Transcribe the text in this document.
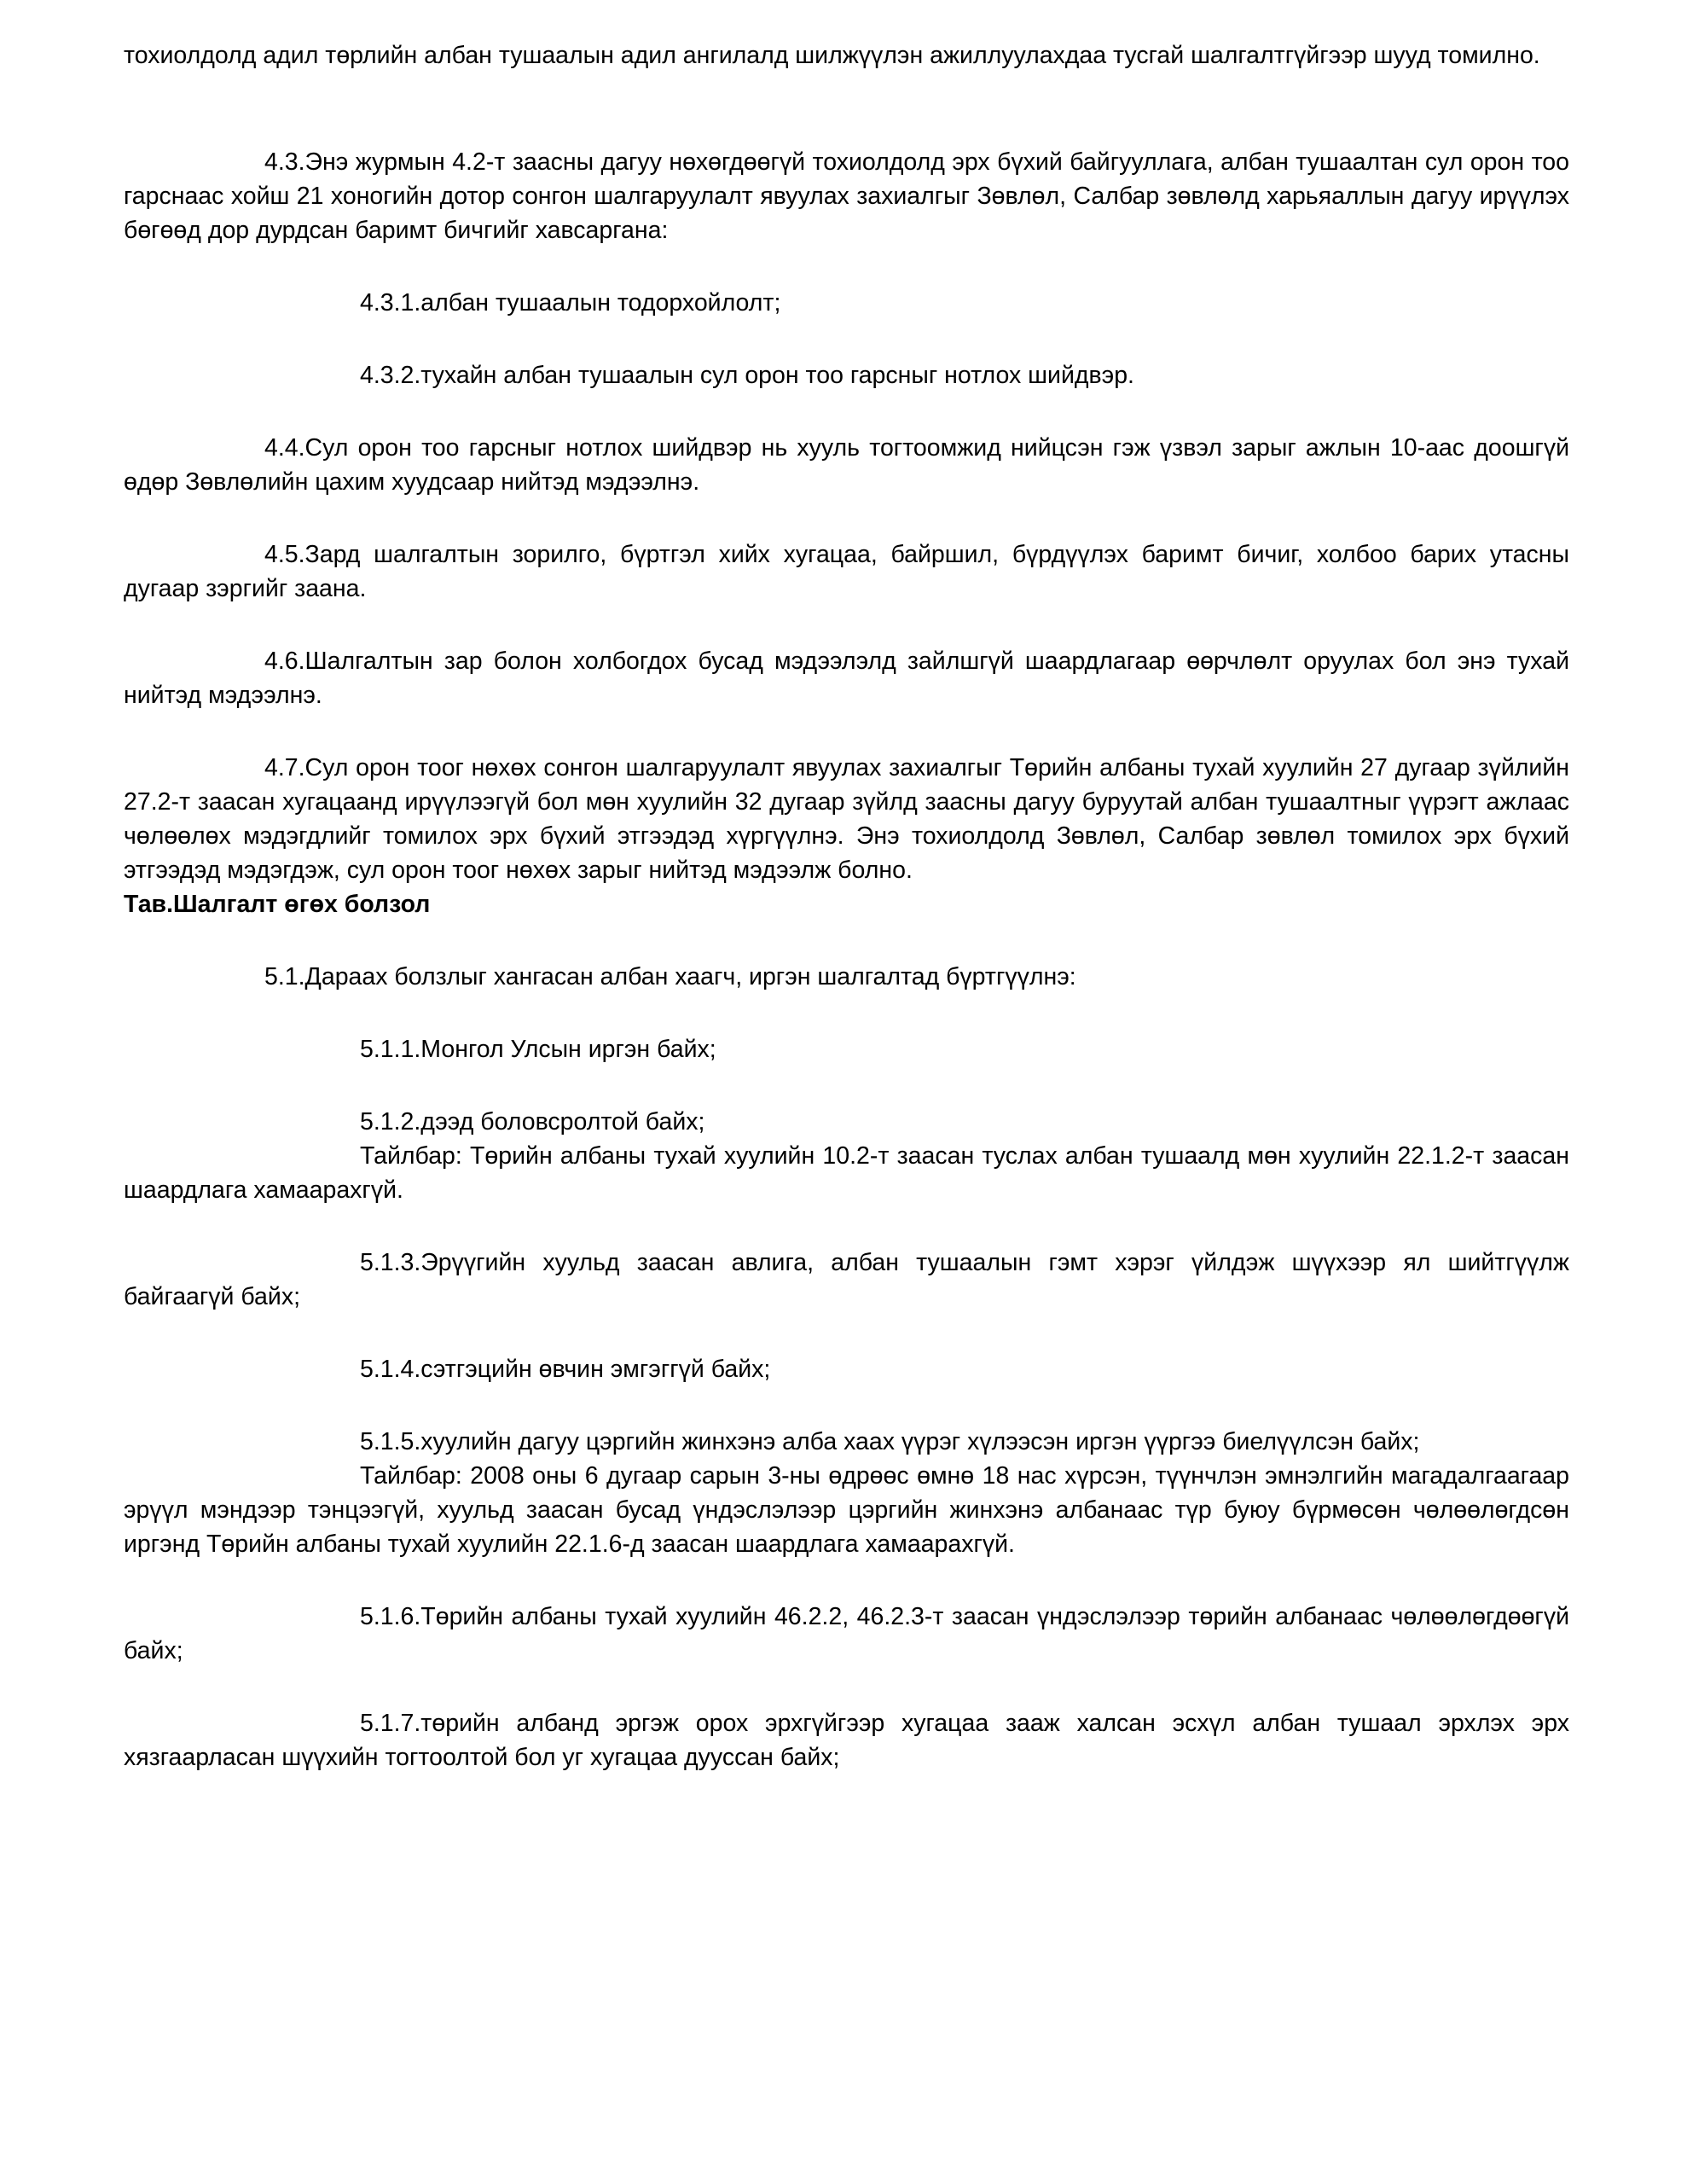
тохиолдолд адил төрлийн албан тушаалын адил ангилалд шилжүүлэн ажиллуулахдаа тусгай шалгалтгүйгээр шууд томилно.

4.3.Энэ журмын 4.2-т заасны дагуу нөхөгдөөгүй тохиолдолд эрх бүхий байгууллага, албан тушаалтан сул орон тоо гарснаас хойш 21 хоногийн дотор сонгон шалгаруулалт явуулах захиалгыг Зөвлөл, Салбар зөвлөлд харьяаллын дагуу ирүүлэх бөгөөд дор дурдсан баримт бичгийг хавсаргана:

4.3.1.албан тушаалын тодорхойлолт;

4.3.2.тухайн албан тушаалын сул орон тоо гарсныг нотлох шийдвэр.

4.4.Сул орон тоо гарсныг нотлох шийдвэр нь хууль тогтоомжид нийцсэн гэж үзвэл зарыг ажлын 10-аас доошгүй өдөр Зөвлөлийн цахим хуудсаар нийтэд мэдээлнэ.

4.5.Зард шалгалтын зорилго, бүртгэл хийх хугацаа, байршил, бүрдүүлэх баримт бичиг, холбоо барих утасны дугаар зэргийг заана.

4.6.Шалгалтын зар болон холбогдох бусад мэдээлэлд зайлшгүй шаардлагаар өөрчлөлт оруулах бол энэ тухай нийтэд мэдээлнэ.

4.7.Сул орон тоог нөхөх сонгон шалгаруулалт явуулах захиалгыг Төрийн албаны тухай хуулийн 27 дугаар зүйлийн 27.2-т заасан хугацаанд ирүүлээгүй бол мөн хуулийн 32 дугаар зүйлд заасны дагуу буруутай албан тушаалтныг үүрэгт ажлаас чөлөөлөх мэдэгдлийг томилох эрх бүхий этгээдэд хүргүүлнэ. Энэ тохиолдолд Зөвлөл, Салбар зөвлөл томилох эрх бүхий этгээдэд мэдэгдэж, сул орон тоог нөхөх зарыг нийтэд мэдээлж болно.

Тав.Шалгалт өгөх болзол

5.1.Дараах болзлыг хангасан албан хаагч, иргэн шалгалтад бүртгүүлнэ:

5.1.1.Монгол Улсын иргэн байх;

5.1.2.дээд боловсролтой байх;

Тайлбар: Төрийн албаны тухай хуулийн 10.2-т заасан туслах албан тушаалд мөн хуулийн 22.1.2-т заасан шаардлага хамаарахгүй.

5.1.3.Эрүүгийн хуульд заасан авлига, албан тушаалын гэмт хэрэг үйлдэж шүүхээр ял шийтгүүлж байгаагүй байх;

5.1.4.сэтгэцийн өвчин эмгэггүй байх;

5.1.5.хуулийн дагуу цэргийн жинхэнэ алба хаах үүрэг хүлээсэн иргэн үүргээ биелүүлсэн байх;

Тайлбар: 2008 оны 6 дугаар сарын 3-ны өдрөөс өмнө 18 нас хүрсэн, түүнчлэн эмнэлгийн магадалгаагаар эрүүл мэндээр тэнцээгүй, хуульд заасан бусад үндэслэлээр цэргийн жинхэнэ албанаас түр буюу бүрмөсөн чөлөөлөгдсөн иргэнд Төрийн албаны тухай хуулийн 22.1.6-д заасан шаардлага хамаарахгүй.

5.1.6.Төрийн албаны тухай хуулийн 46.2.2, 46.2.3-т заасан үндэслэлээр төрийн албанаас чөлөөлөгдөөгүй байх;

5.1.7.төрийн албанд эргэж орох эрхгүйгээр хугацаа зааж халсан эсхүл албан тушаал эрхлэх эрх хязгаарласан шүүхийн тогтоолтой бол уг хугацаа дууссан байх;
